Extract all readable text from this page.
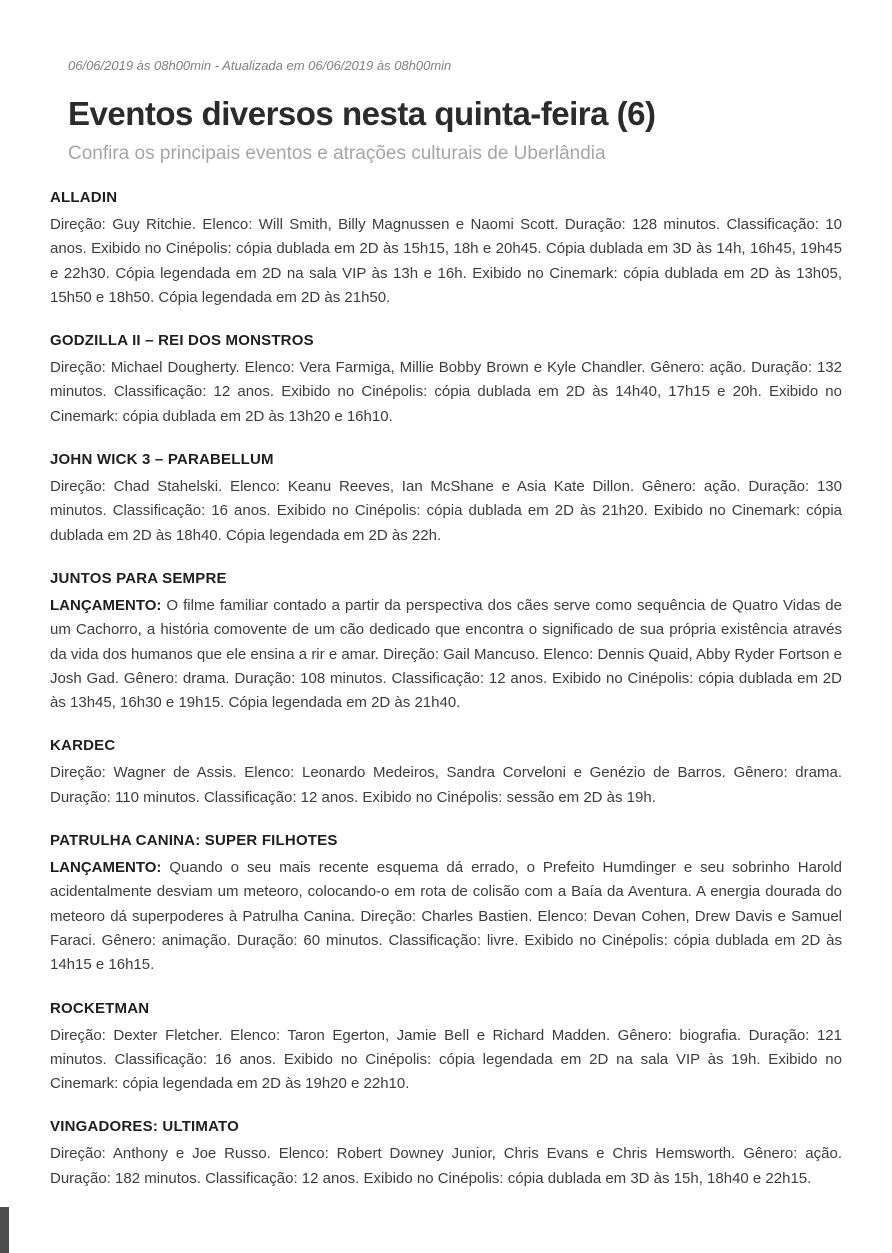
06/06/2019 às 08h00min - Atualizada em 06/06/2019 às 08h00min

Eventos diversos nesta quinta-feira (6)

Confira os principais eventos e atrações culturais de Uberlândia

ALLADIN

Direção: Guy Ritchie. Elenco: Will Smith, Billy Magnussen e Naomi Scott. Duração: 128 minutos. Classificação: 10 anos. Exibido no Cinépolis: cópia dublada em 2D às 15h15, 18h e 20h45. Cópia dublada em 3D às 14h, 16h45, 19h45 e 22h30. Cópia legendada em 2D na sala VIP às 13h e 16h. Exibido no Cinemark: cópia dublada em 2D às 13h05, 15h50 e 18h50. Cópia legendada em 2D às 21h50.

GODZILLA II – REI DOS MONSTROS

Direção: Michael Dougherty. Elenco: Vera Farmiga, Millie Bobby Brown e Kyle Chandler. Gênero: ação. Duração: 132 minutos. Classificação: 12 anos. Exibido no Cinépolis: cópia dublada em 2D às 14h40, 17h15 e 20h. Exibido no Cinemark: cópia dublada em 2D às 13h20 e 16h10.

JOHN WICK 3 – PARABELLUM

Direção: Chad Stahelski. Elenco: Keanu Reeves, Ian McShane e Asia Kate Dillon. Gênero: ação. Duração: 130 minutos. Classificação: 16 anos. Exibido no Cinépolis: cópia dublada em 2D às 21h20. Exibido no Cinemark: cópia dublada em 2D às 18h40. Cópia legendada em 2D às 22h.

JUNTOS PARA SEMPRE

LANÇAMENTO: O filme familiar contado a partir da perspectiva dos cães serve como sequência de Quatro Vidas de um Cachorro, a história comovente de um cão dedicado que encontra o significado de sua própria existência através da vida dos humanos que ele ensina a rir e amar. Direção: Gail Mancuso. Elenco: Dennis Quaid, Abby Ryder Fortson e Josh Gad. Gênero: drama. Duração: 108 minutos. Classificação: 12 anos. Exibido no Cinépolis: cópia dublada em 2D às 13h45, 16h30 e 19h15. Cópia legendada em 2D às 21h40.

KARDEC

Direção: Wagner de Assis. Elenco: Leonardo Medeiros, Sandra Corveloni e Genézio de Barros. Gênero: drama. Duração: 110 minutos. Classificação: 12 anos. Exibido no Cinépolis: sessão em 2D às 19h.

PATRULHA CANINA: SUPER FILHOTES

LANÇAMENTO: Quando o seu mais recente esquema dá errado, o Prefeito Humdinger e seu sobrinho Harold acidentalmente desviam um meteoro, colocando-o em rota de colisão com a Baía da Aventura. A energia dourada do meteoro dá superpoderes à Patrulha Canina. Direção: Charles Bastien. Elenco: Devan Cohen, Drew Davis e Samuel Faraci. Gênero: animação. Duração: 60 minutos. Classificação: livre. Exibido no Cinépolis: cópia dublada em 2D às 14h15 e 16h15.

ROCKETMAN

Direção: Dexter Fletcher. Elenco: Taron Egerton, Jamie Bell e Richard Madden. Gênero: biografia. Duração: 121 minutos. Classificação: 16 anos. Exibido no Cinépolis: cópia legendada em 2D na sala VIP às 19h. Exibido no Cinemark: cópia legendada em 2D às 19h20 e 22h10.

VINGADORES: ULTIMATO

Direção: Anthony e Joe Russo. Elenco: Robert Downey Junior, Chris Evans e Chris Hemsworth. Gênero: ação. Duração: 182 minutos. Classificação: 12 anos. Exibido no Cinépolis: cópia dublada em 3D às 15h, 18h40 e 22h15.
